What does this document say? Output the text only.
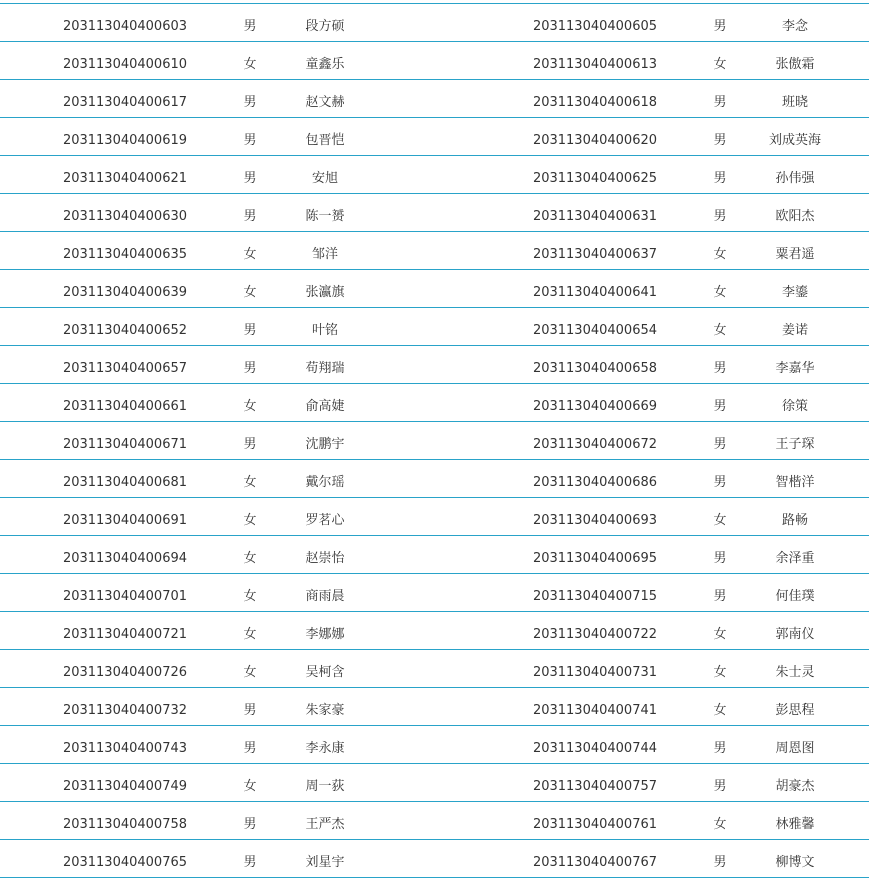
203113040400603	男	段方硕	203113040400605	男	李念
203113040400610	女	童鑫乐	203113040400613	女	张傲霜
203113040400617	男	赵文赫	203113040400618	男	班晓
203113040400619	男	包晋恺	203113040400620	男	刘成英海
203113040400621	男	安旭	203113040400625	男	孙伟强
203113040400630	男	陈一赟	203113040400631	男	欧阳杰
203113040400635	女	邹洋	203113040400637	女	粟君遥
203113040400639	女	张瀛旗	203113040400641	女	李鎏
203113040400652	男	叶铭	203113040400654	女	姜诺
203113040400657	男	苟翔瑞	203113040400658	男	李嘉华
203113040400661	女	俞高婕	203113040400669	男	徐策
203113040400671	男	沈鹏宇	203113040400672	男	王子琛
203113040400681	女	戴尔瑶	203113040400686	男	智楷洋
203113040400691	女	罗茗心	203113040400693	女	路畅
203113040400694	女	赵崇怡	203113040400695	男	余泽重
203113040400701	女	商雨晨	203113040400715	男	何佳璞
203113040400721	女	李娜娜	203113040400722	女	郭南仪
203113040400726	女	吴柯含	203113040400731	女	朱士灵
203113040400732	男	朱家豪	203113040400741	女	彭思程
203113040400743	男	李永康	203113040400744	男	周恩图
203113040400749	女	周一荻	203113040400757	男	胡豪杰
203113040400758	男	王严杰	203113040400761	女	林雅馨
203113040400765	男	刘星宇	203113040400767	男	柳博文
